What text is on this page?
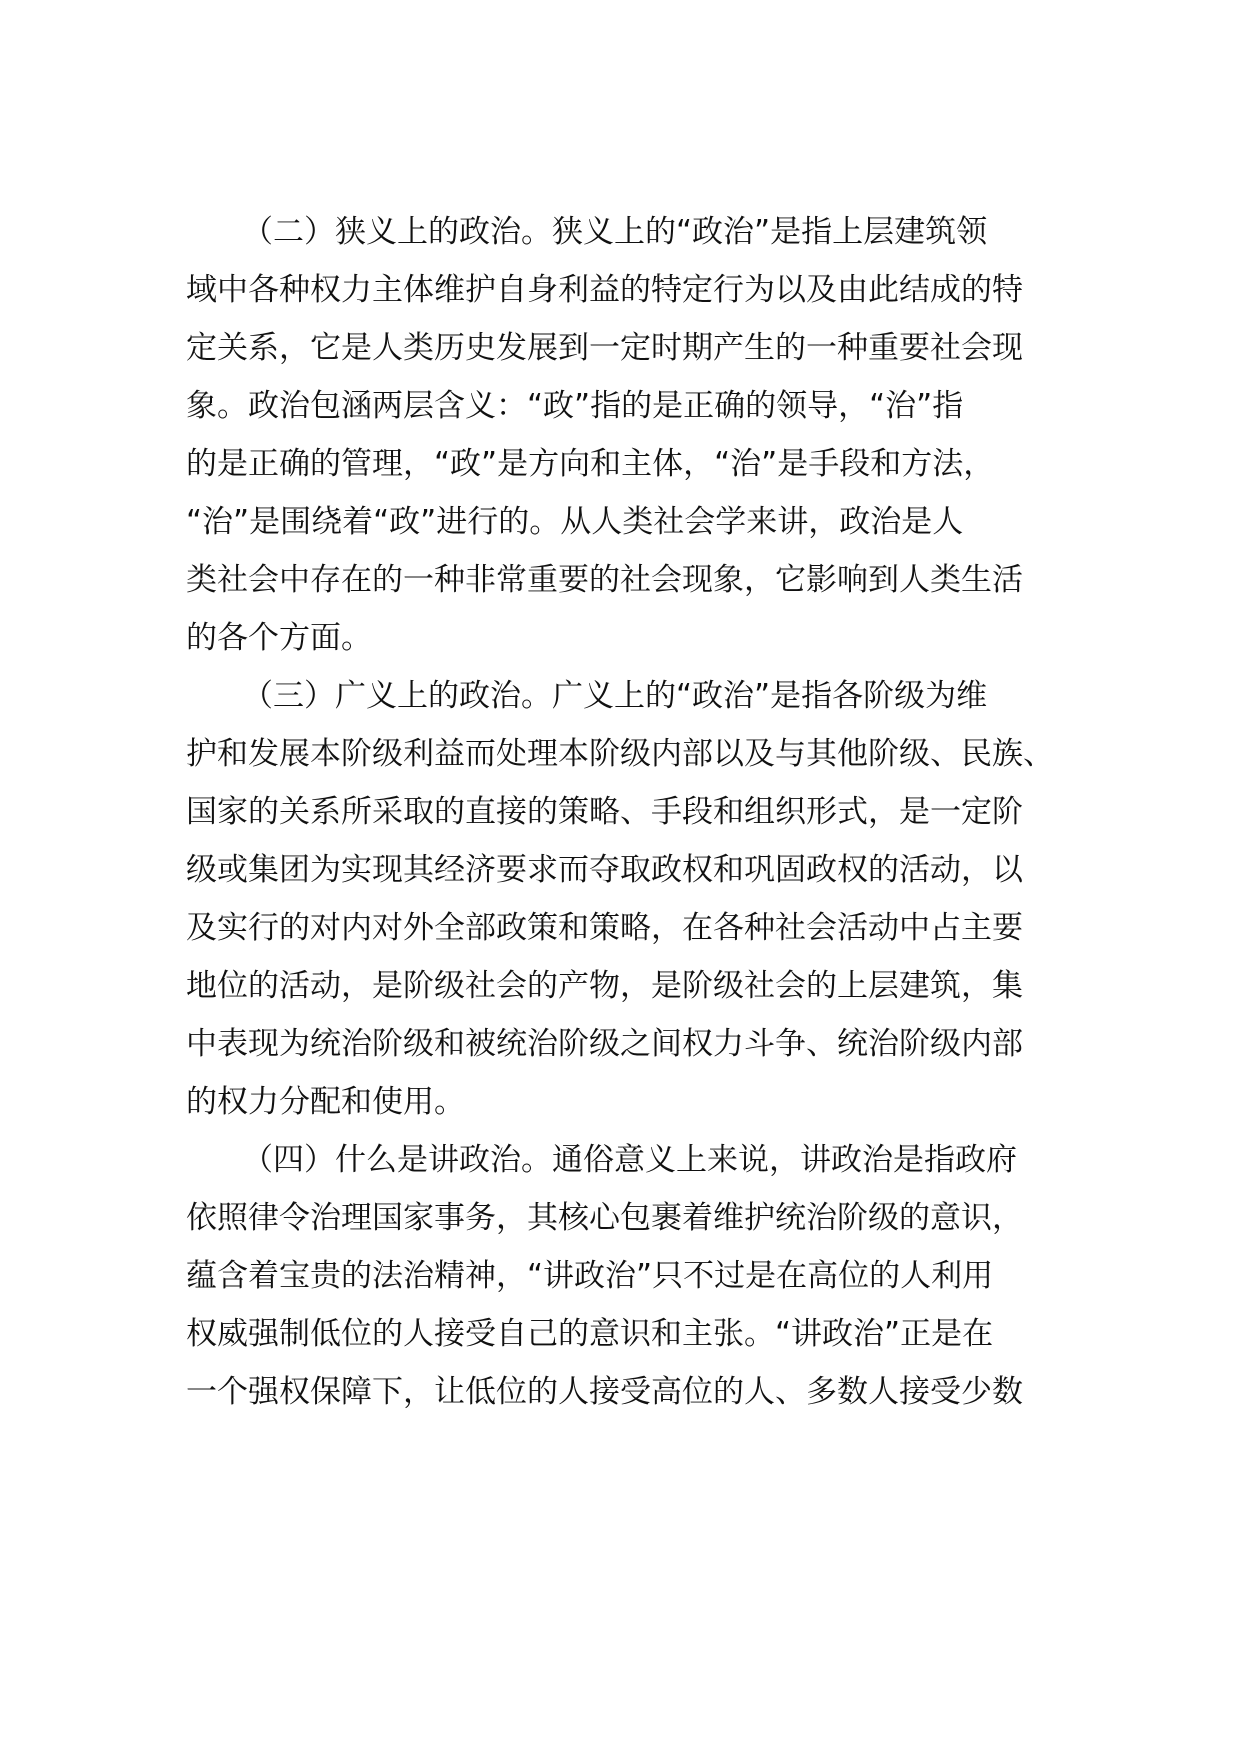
（二）狭义上的政治。狭义上的“政治”是指上层建筑领
域中各种权力主体维护自身利益的特定行为以及由此结成的特
定关系，它是人类历史发展到一定时期产生的一种重要社会现
象。政治包涵两层含义：“政”指的是正确的领导，“治”指
的是正确的管理，“政”是方向和主体，“治”是手段和方法，
“治”是围绕着“政”进行的。从人类社会学来讲，政治是人
类社会中存在的一种非常重要的社会现象，它影响到人类生活
的各个方面。
（三）广义上的政治。广义上的“政治”是指各阶级为维
护和发展本阶级利益而处理本阶级内部以及与其他阶级、民族、
国家的关系所采取的直接的策略、手段和组织形式，是一定阶
级或集团为实现其经济要求而夺取政权和巩固政权的活动，以
及实行的对内对外全部政策和策略，在各种社会活动中占主要
地位的活动，是阶级社会的产物，是阶级社会的上层建筑，集
中表现为统治阶级和被统治阶级之间权力斗争、统治阶级内部
的权力分配和使用。
（四）什么是讲政治。通俗意义上来说，讲政治是指政府
依照律令治理国家事务，其核心包裹着维护统治阶级的意识，
蕴含着宝贵的法治精神，“讲政治”只不过是在高位的人利用
权威强制低位的人接受自己的意识和主张。“讲政治”正是在
一个强权保障下，让低位的人接受高位的人、多数人接受少数
